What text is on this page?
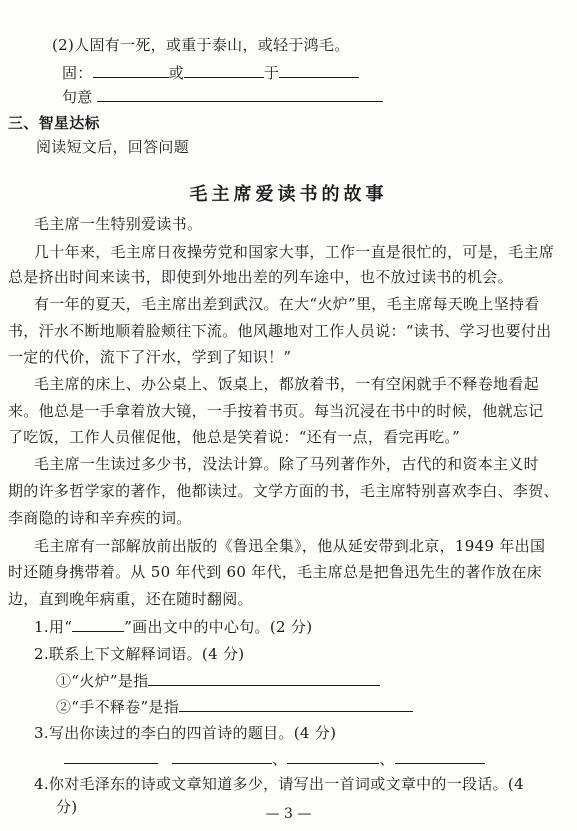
(2)人固有一死，或重于泰山，或轻于鸿毛。
固：	或	于
句意
三、智星达标
阅读短文后，回答问题
毛主席爱读书的故事
毛主席一生特别爱读书。
几十年来，毛主席日夜操劳党和国家大事，工作一直是很忙的，可是，毛主席
总是挤出时间来读书，即使到外地出差的列车途中，也不放过读书的机会。
有一年的夏天，毛主席出差到武汉。在大“火炉”里，毛主席每天晚上坚持看
书，汗水不断地顺着脸颊往下流。他风趣地对工作人员说：“读书、学习也要付出
一定的代价，流下了汗水，学到了知识！”
毛主席的床上、办公桌上、饭桌上，都放着书，一有空闲就手不释卷地看起
来。他总是一手拿着放大镜，一手按着书页。每当沉浸在书中的时候，他就忘记
了吃饭，工作人员催促他，他总是笑着说：“还有一点，看完再吃。”
毛主席一生读过多少书，没法计算。除了马列著作外，古代的和资本主义时
期的许多哲学家的著作，他都读过。文学方面的书，毛主席特别喜欢李白、李贺、
李商隐的诗和辛弃疾的词。
毛主席有一部解放前出版的《鲁迅全集》，他从延安带到北京，1949 年出国
时还随身携带着。从 50 年代到 60 年代，毛主席总是把鲁迅先生的著作放在床
边，直到晚年病重，还在随时翻阅。
1.用“	”画出文中的中心句。(2 分)
2.联系上下文解释词语。(4 分)
①“火炉”是指
②“手不释卷”是指
3.写出你读过的李白的四首诗的题目。(4 分)
、	、
4.你对毛泽东的诗或文章知道多少，请写出一首词或文章中的一段话。(4
分)	— 3 —
